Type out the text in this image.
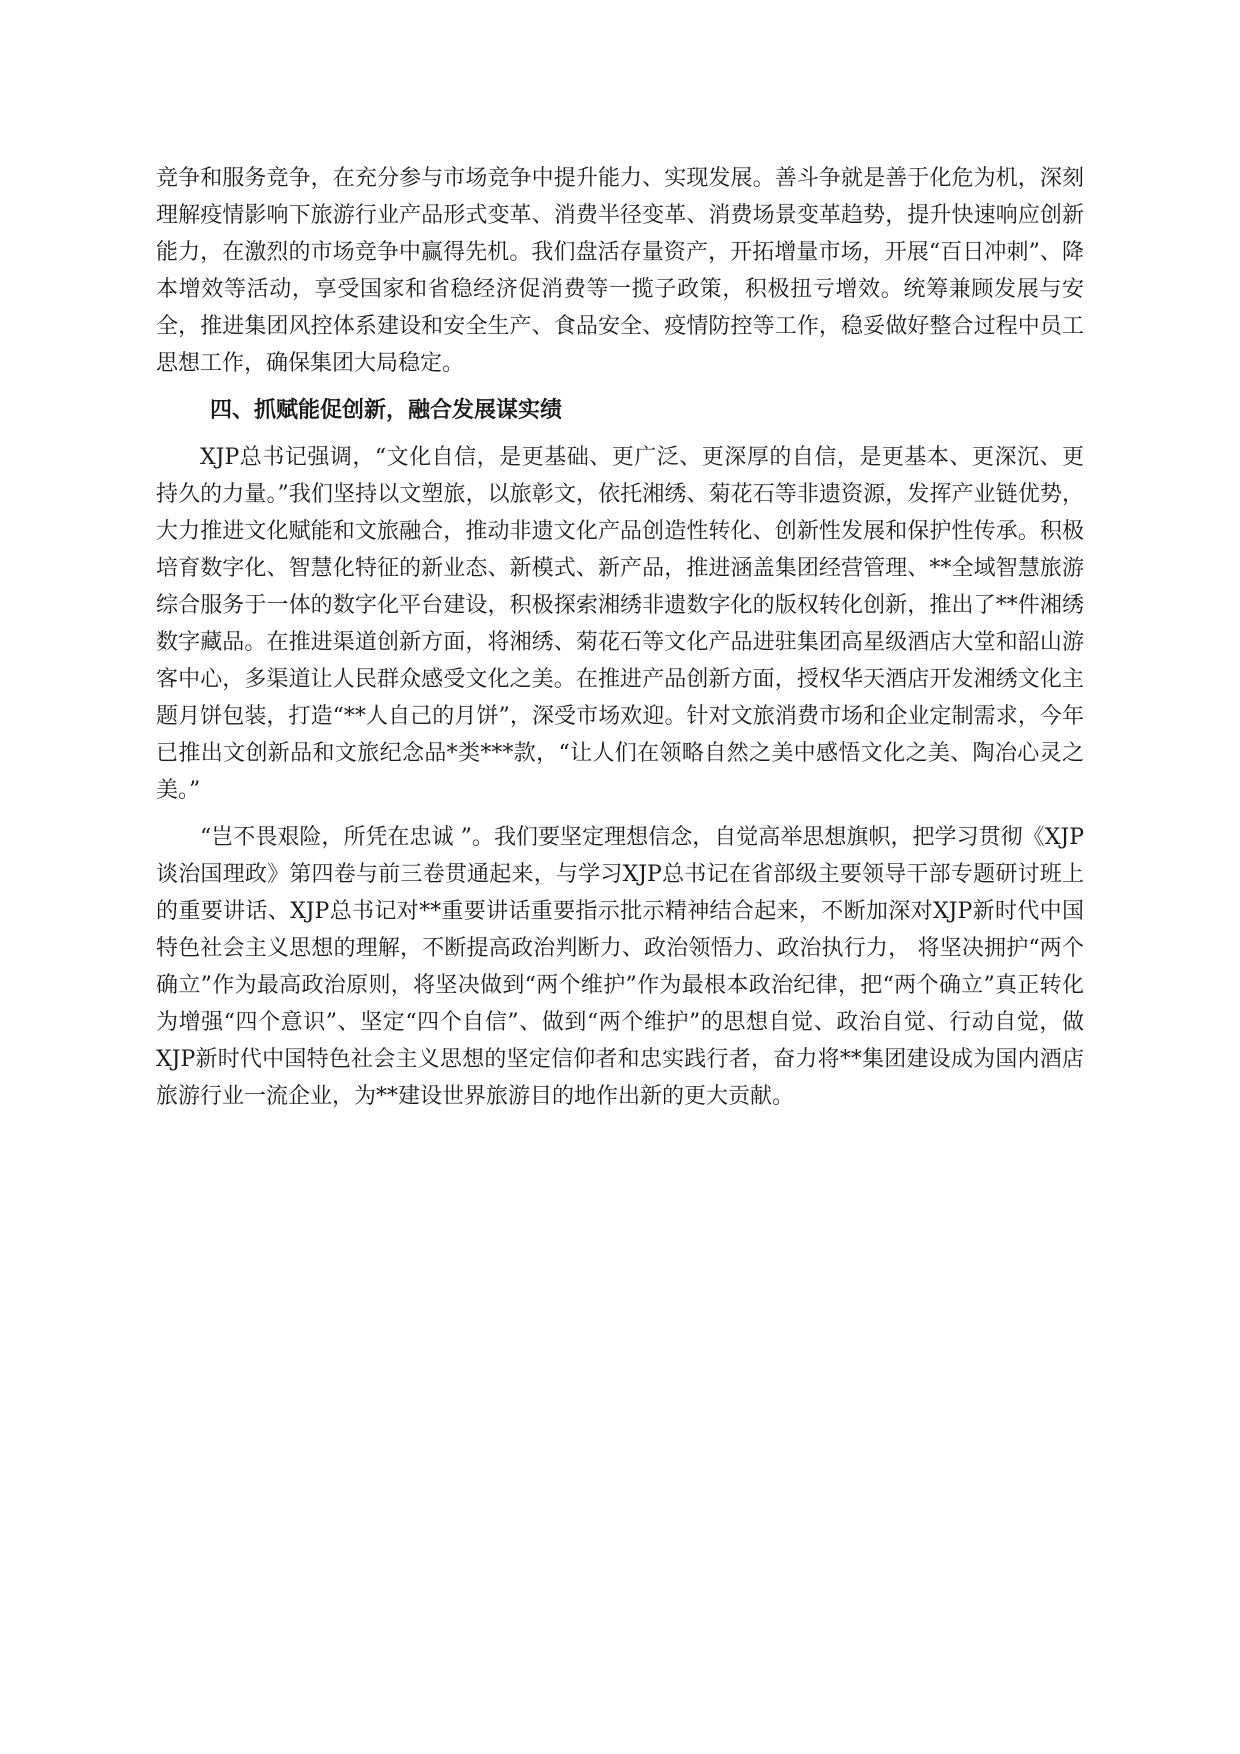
竞争和服务竞争，在充分参与市场竞争中提升能力、实现发展。善斗争就是善于化危为机，深刻理解疫情影响下旅游行业产品形式变革、消费半径变革、消费场景变革趋势，提升快速响应创新能力，在激烈的市场竞争中赢得先机。我们盘活存量资产，开拓增量市场，开展“百日冲刺”、降本增效等活动，享受国家和省稳经济促消费等一揽子政策，积极扭亏增效。统筹兼顾发展与安全，推进集团风控体系建设和安全生产、食品安全、疫情防控等工作，稳妥做好整合过程中员工思想工作，确保集团大局稳定。

四、抓赋能促创新，融合发展谋实绩

XJP总书记强调，“文化自信，是更基础、更广泛、更深厚的自信，是更基本、更深沉、更持久的力量。”我们坚持以文塑旅，以旅彰文，依托湘绣、菊花石等非遗资源，发挥产业链优势，大力推进文化赋能和文旅融合，推动非遗文化产品创造性转化、创新性发展和保护性传承。积极培育数字化、智慧化特征的新业态、新模式、新产品，推进涵盖集团经营管理、**全域智慧旅游综合服务于一体的数字化平台建设，积极探索湘绣非遗数字化的版权转化创新，推出了**件湘绣数字藏品。在推进渠道创新方面，将湘绣、菊花石等文化产品进驻集团高星级酒店大堂和韶山游客中心，多渠道让人民群众感受文化之美。在推进产品创新方面，授权华天酒店开发湘绣文化主题月饼包装，打造“**人自己的月饼”，深受市场欢迎。针对文旅消费市场和企业定制需求，今年已推出文创新品和文旅纪念品*类***款，“让人们在领略自然之美中感悟文化之美、陶冶心灵之美。”

“岂不畏艰险，所凭在忠诚 ”。我们要坚定理想信念，自觉高举思想旗帜，把学习贯彻《XJP谈治国理政》第四卷与前三卷贯通起来，与学习XJP总书记在省部级主要领导干部专题研讨班上的重要讲话、XJP总书记对**重要讲话重要指示批示精神结合起来，不断加深对XJP新时代中国特色社会主义思想的理解，不断提高政治判断力、政治领悟力、政治执行力， 将坚决拥护“两个确立”作为最高政治原则，将坚决做到“两个维护”作为最根本政治纪律，把“两个确立”真正转化为增强“四个意识”、坚定“四个自信”、做到“两个维护”的思想自觉、政治自觉、行动自觉，做XJP新时代中国特色社会主义思想的坚定信仰者和忠实践行者，奋力将**集团建设成为国内酒店旅游行业一流企业，为**建设世界旅游目的地作出新的更大贡献。
